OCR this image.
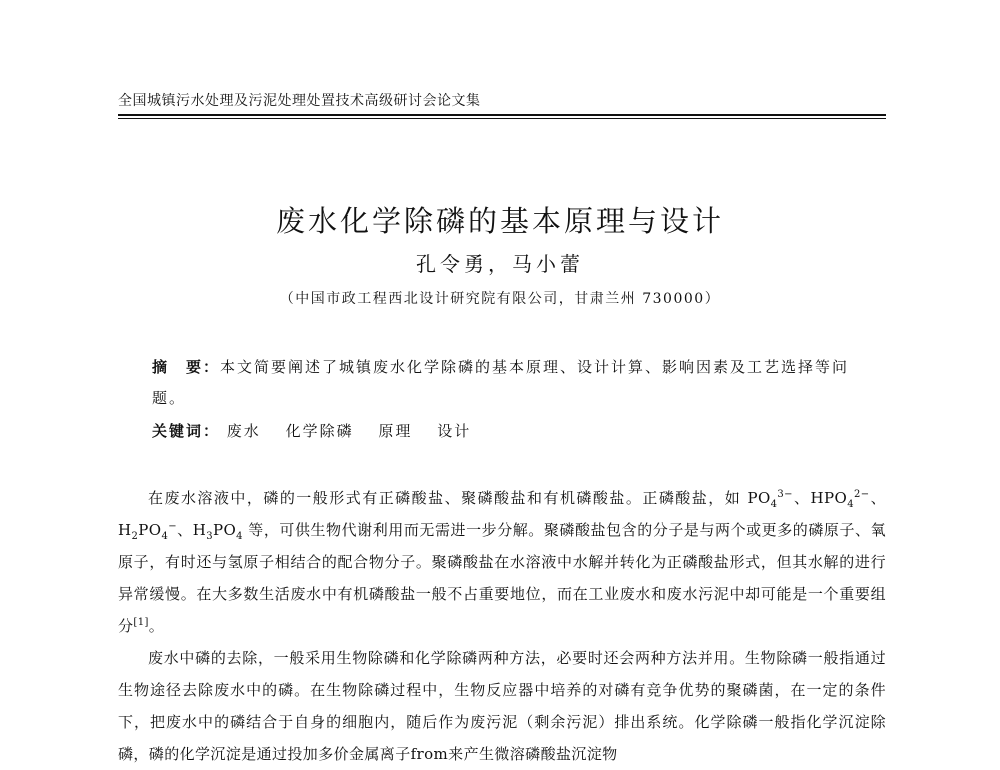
全国城镇污水处理及污泥处理处置技术高级研讨会论文集
废水化学除磷的基本原理与设计
孔令勇，马小蕾
（中国市政工程西北设计研究院有限公司，甘肃兰州 730000）
摘　要：本文简要阐述了城镇废水化学除磷的基本原理、设计计算、影响因素及工艺选择等问题。
关键词： 废水 化学除磷 原理 设计

在废水溶液中，磷的一般形式有正磷酸盐、聚磷酸盐和有机磷酸盐。正磷酸盐，如 $PO_4^{3-}$、$HPO_4^{2-}$、$H_2PO_4^-$、$H_3PO_4$ 等，可供生物代谢利用而无需进一步分解。聚磷酸盐包含的分子是与两个或更多的磷原子、氧原子，有时还与氢原子相结合的配合物分子。聚磷酸盐在水溶液中水解并转化为正磷酸盐形式，但其水解的进行异常缓慢。在大多数生活废水中有机磷酸盐一般不占重要地位，而在工业废水和废水污泥中却可能是一个重要组分[1]。

废水中磷的去除，一般采用生物除磷和化学除磷两种方法，必要时还会两种方法并用。生物除磷一般指通过生物途径去除废水中的磷。在生物除磷过程中，生物反应器中培养的对磷有竞争优势的聚磷菌，在一定的条件下，把废水中的磷结合于自身的细胞内，随后作为废污泥（剩余污泥）排出系统。化学除磷一般指化学沉淀除磷，磷的化学沉淀是通过投加多价金属离子from来产生微溶磷酸盐沉淀物
